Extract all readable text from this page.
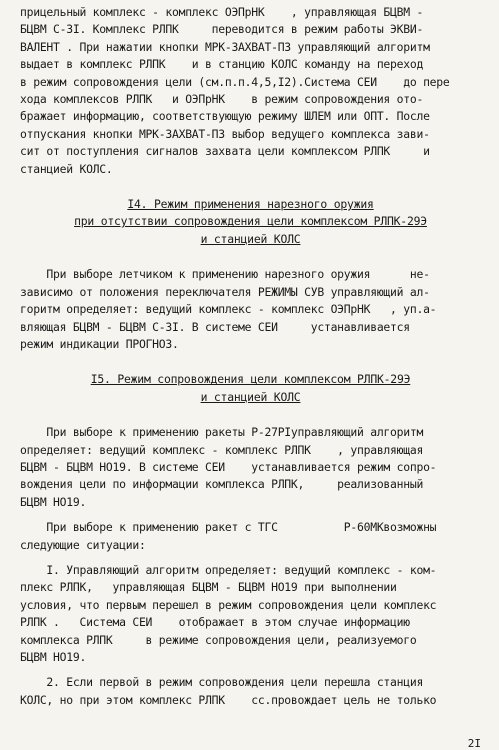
прицельный комплекс - комплекс ОЭПрНК    , управляющая БЦВМ -
БЦВМ С-3I. Комплекс РЛПК     переводится в режим работы ЭКВИ-
ВАЛЕНТ . При нажатии кнопки МРК-ЗАХВАТ-ПЗ управляющий алгоритм
выдает в комплекс РЛПК    и в станцию КОЛС команду на переход
в режим сопровождения цели (см.п.п.4,5,I2).Система СЕИ    до пере
хода комплексов РЛПК   и ОЭПрНК    в режим сопровождения ото-
бражает информацию, соответствующую режиму ШЛЕМ или ОПТ. После
отпускания кнопки МРК-ЗАХВАТ-ПЗ выбор ведущего комплекса зави-
сит от поступления сигналов захвата цели комплексом РЛПК     и
станцией КОЛС.
I4. Режим применения нарезного оружия
при отсутствии сопровождения цели комплексом РЛПК-29Э
и станцией КОЛС
При выборе летчиком к применению нарезного оружия      не-
зависимо от положения переключателя РЕЖИМЫ СУВ управляющий ал-
горитм определяет: ведущий комплекс - комплекс ОЭПрНК   , уп.а-
вляющая БЦВМ - БЦВМ С-3I. В системе СЕИ     устанавливается
режим индикации ПРОГНОЗ.
I5. Режим сопровождения цели комплексом РЛПК-29Э
и станцией КОЛС
При выборе к применению ракеты Р-27РIуправляющий алгоритм
определяет: ведущий комплекс - комплекс РЛПК    , управляющая
БЦВМ - БЦВМ НО19. В системе СЕИ    устанавливается режим сопро-
вождения цели по информации комплекса РЛПК,     реализованный
БЦВМ НО19.
При выборе к применению ракет с ТГС          Р-60МКвозможны
следующие ситуации:
I. Управляющий алгоритм определяет: ведущий комплекс - ком-
плекс РЛПК,   управляющая БЦВМ - БЦВМ НО19 при выполнении
условия, что первым перешел в режим сопровождения цели комплекс
РЛПК .   Система СЕИ    отображает в этом случае информацию
комплекса РЛПК     в режиме сопровождения цели, реализуемого
БЦВМ НО19.
2. Если первой в режим сопровождения цели перешла станция
КОЛС, но при этом комплекс РЛПК    сс.провождает цель не только
2I
